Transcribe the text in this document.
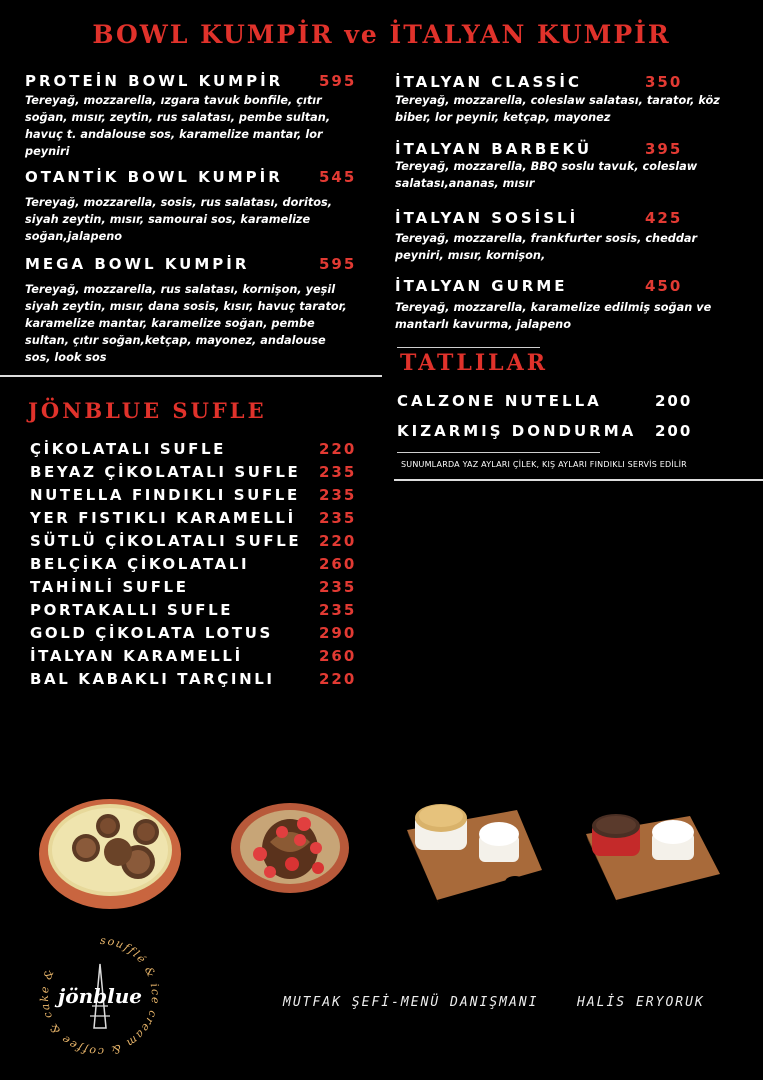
BOWL KUMPİR ve İTALYAN KUMPİR
PROTEİN BOWL KUMPİR 595
Tereyağ, mozzarella, ızgara tavuk bonfile, çıtır soğan, mısır, zeytin, rus salatası, pembe sultan, havuç t. andalouse sos, karamelize mantar, lor peyniri
OTANTİK BOWL KUMPİR 545
Tereyağ, mozzarella, sosis, rus salatası, doritos, siyah zeytin, mısır, samourai sos, karamelize soğan,jalapeno
MEGA BOWL KUMPİR	595
Tereyağ, mozzarella, rus salatası, kornişon, yeşil siyah zeytin, mısır, dana sosis, kısır, havuç tarator, karamelize mantar, karamelize soğan, pembe sultan, çıtır soğan,ketçap, mayonez, andalouse sos, look sos
İTALYAN CLASSİC	350
Tereyağ, mozzarella, coleslaw salatası, tarator, köz biber, lor peynir, ketçap, mayonez
İTALYAN BARBEKÜ	395
Tereyağ, mozzarella, BBQ soslu tavuk, coleslaw salatası,ananas, mısır
İTALYAN SOSİSLİ	425
Tereyağ, mozzarella, frankfurter sosis, cheddar peyniri, mısır, kornişon,
İTALYAN GURME	450
Tereyağ, mozzarella, karamelize edilmiş soğan ve mantarlı kavurma, jalapeno
TATLILAR
CALZONE NUTELLA	200
KIZARMIŞ DONDURMA 200
SUNUMLARDA YAZ AYLARI ÇİLEK, KIŞ AYLARI FINDIKLI SERVİS EDİLİR
JÖNBLUE SUFLE
ÇİKOLATALI SUFLE	220
BEYAZ ÇİKOLATALI SUFLE 235
NUTELLA FINDIKLI SUFLE 235
YER FISTIKLI KARAMELLİ 235
SÜTLÜ ÇİKOLATALI SUFLE 220
BELÇİKA ÇİKOLATALI	260
TAHİNLİ SUFLE	235
PORTAKALLI SUFLE	235
GOLD ÇİKOLATA LOTUS	290
İTALYAN KARAMELLİ	260
BAL KABAKLI TARÇINLI	220
soufflé & ice cream & coffee & cake &
jönblue	MUTFAK ŞEFİ-MENÜ DANIŞMANI	HALİS ERYORUK
